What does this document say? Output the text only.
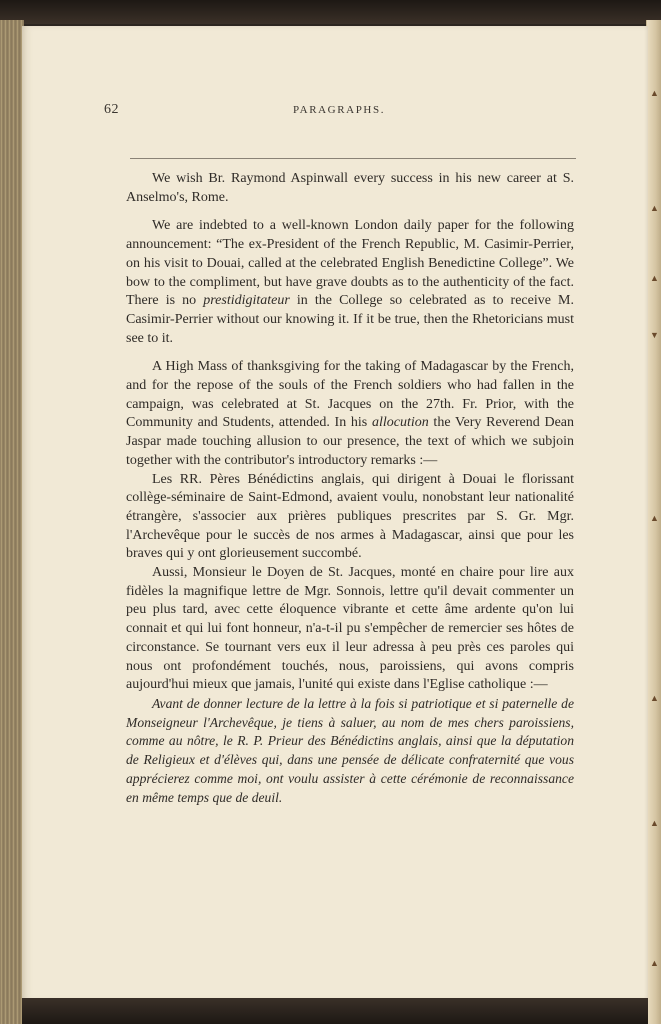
▲
▲
▲
▼
▲
▲
▲
▲
62	PARAGRAPHS.

We wish Br. Raymond Aspinwall every success in his new career at S. Anselmo's, Rome.

We are indebted to a well-known London daily paper for the following announcement: “The ex-President of the French Republic, M. Casimir-Perrier, on his visit to Douai, called at the celebrated English Benedictine College”. We bow to the compliment, but have grave doubts as to the authenticity of the fact. There is no prestidigitateur in the College so celebrated as to receive M. Casimir-Perrier without our knowing it. If it be true, then the Rhetoricians must see to it.

A High Mass of thanksgiving for the taking of Madagascar by the French, and for the repose of the souls of the French soldiers who had fallen in the campaign, was celebrated at St. Jacques on the 27th. Fr. Prior, with the Community and Students, attended. In his allocution the Very Reverend Dean Jaspar made touching allusion to our presence, the text of which we subjoin together with the contributor's introductory remarks :—

Les RR. Pères Bénédictins anglais, qui dirigent à Douai le florissant collège-séminaire de Saint-Edmond, avaient voulu, nonobstant leur nationalité étrangère, s'associer aux prières publiques prescrites par S. Gr. Mgr. l'Archevêque pour le succès de nos armes à Madagascar, ainsi que pour les braves qui y ont glorieusement succombé.

Aussi, Monsieur le Doyen de St. Jacques, monté en chaire pour lire aux fidèles la magnifique lettre de Mgr. Sonnois, lettre qu'il devait commenter un peu plus tard, avec cette éloquence vibrante et cette âme ardente qu'on lui connait et qui lui font honneur, n'a-t-il pu s'empêcher de remercier ses hôtes de circonstance. Se tournant vers eux il leur adressa à peu près ces paroles qui nous ont profondément touchés, nous, paroissiens, qui avons compris aujourd'hui mieux que jamais, l'unité qui existe dans l'Eglise catholique :—

Avant de donner lecture de la lettre à la fois si patriotique et si paternelle de Monseigneur l'Archevêque, je tiens à saluer, au nom de mes chers paroissiens, comme au nôtre, le R. P. Prieur des Bénédictins anglais, ainsi que la députation de Religieux et d'élèves qui, dans une pensée de délicate confraternité que vous apprécierez comme moi, ont voulu assister à cette cérémonie de reconnaissance en même temps que de deuil.
